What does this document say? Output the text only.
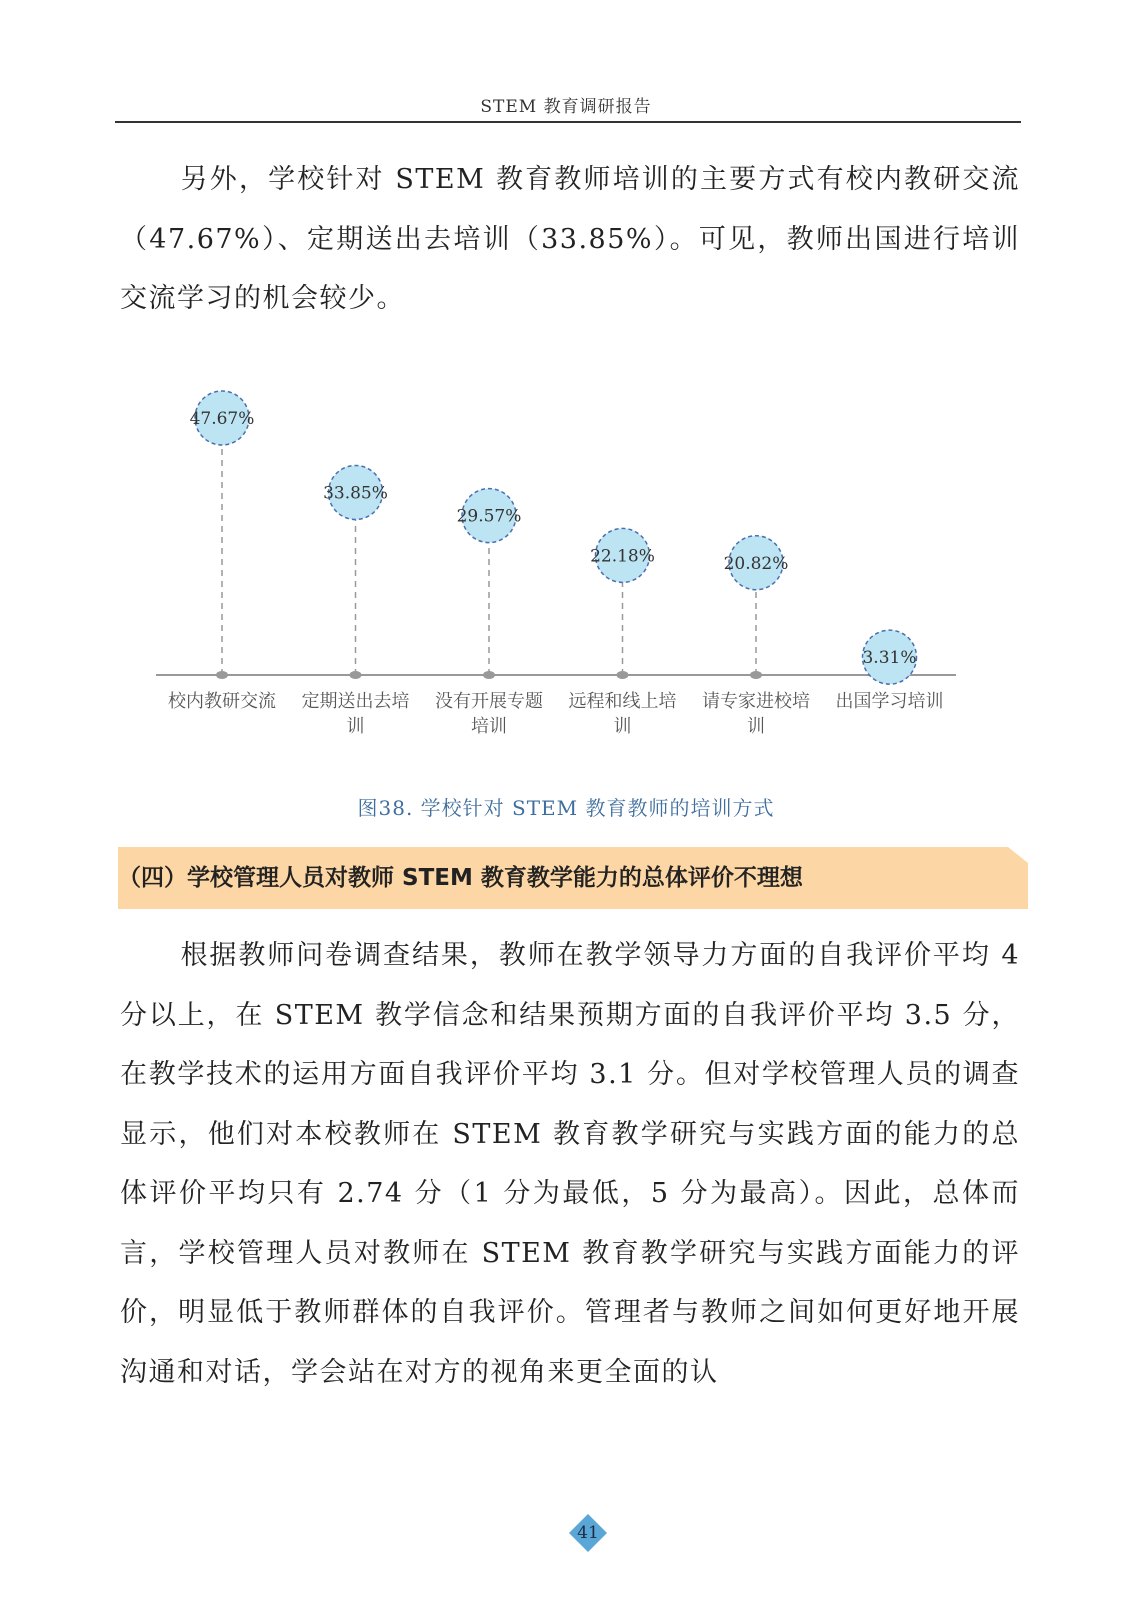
STEM 教育调研报告

另外，学校针对 STEM 教育教师培训的主要方式有校内教研交流（47.67%）、定期送出去培训（33.85%）。可见，教师出国进行培训交流学习的机会较少。

47.67%
校内教研交流
33.85%
定期送出去培
训
29.57%
没有开展专题
培训
22.18%
远程和线上培
训
20.82%
请专家进校培
训
3.31%
出国学习培训
图38. 学校针对 STEM 教育教师的培训方式
（四）学校管理人员对教师 STEM 教育教学能力的总体评价不理想

根据教师问卷调查结果，教师在教学领导力方面的自我评价平均 4 分以上，在 STEM 教学信念和结果预期方面的自我评价平均 3.5 分，在教学技术的运用方面自我评价平均 3.1 分。但对学校管理人员的调查显示，他们对本校教师在 STEM 教育教学研究与实践方面的能力的总体评价平均只有 2.74 分（1 分为最低，5 分为最高）。因此，总体而言，学校管理人员对教师在 STEM 教育教学研究与实践方面能力的评价，明显低于教师群体的自我评价。管理者与教师之间如何更好地开展沟通和对话，学会站在对方的视角来更全面的认

41
